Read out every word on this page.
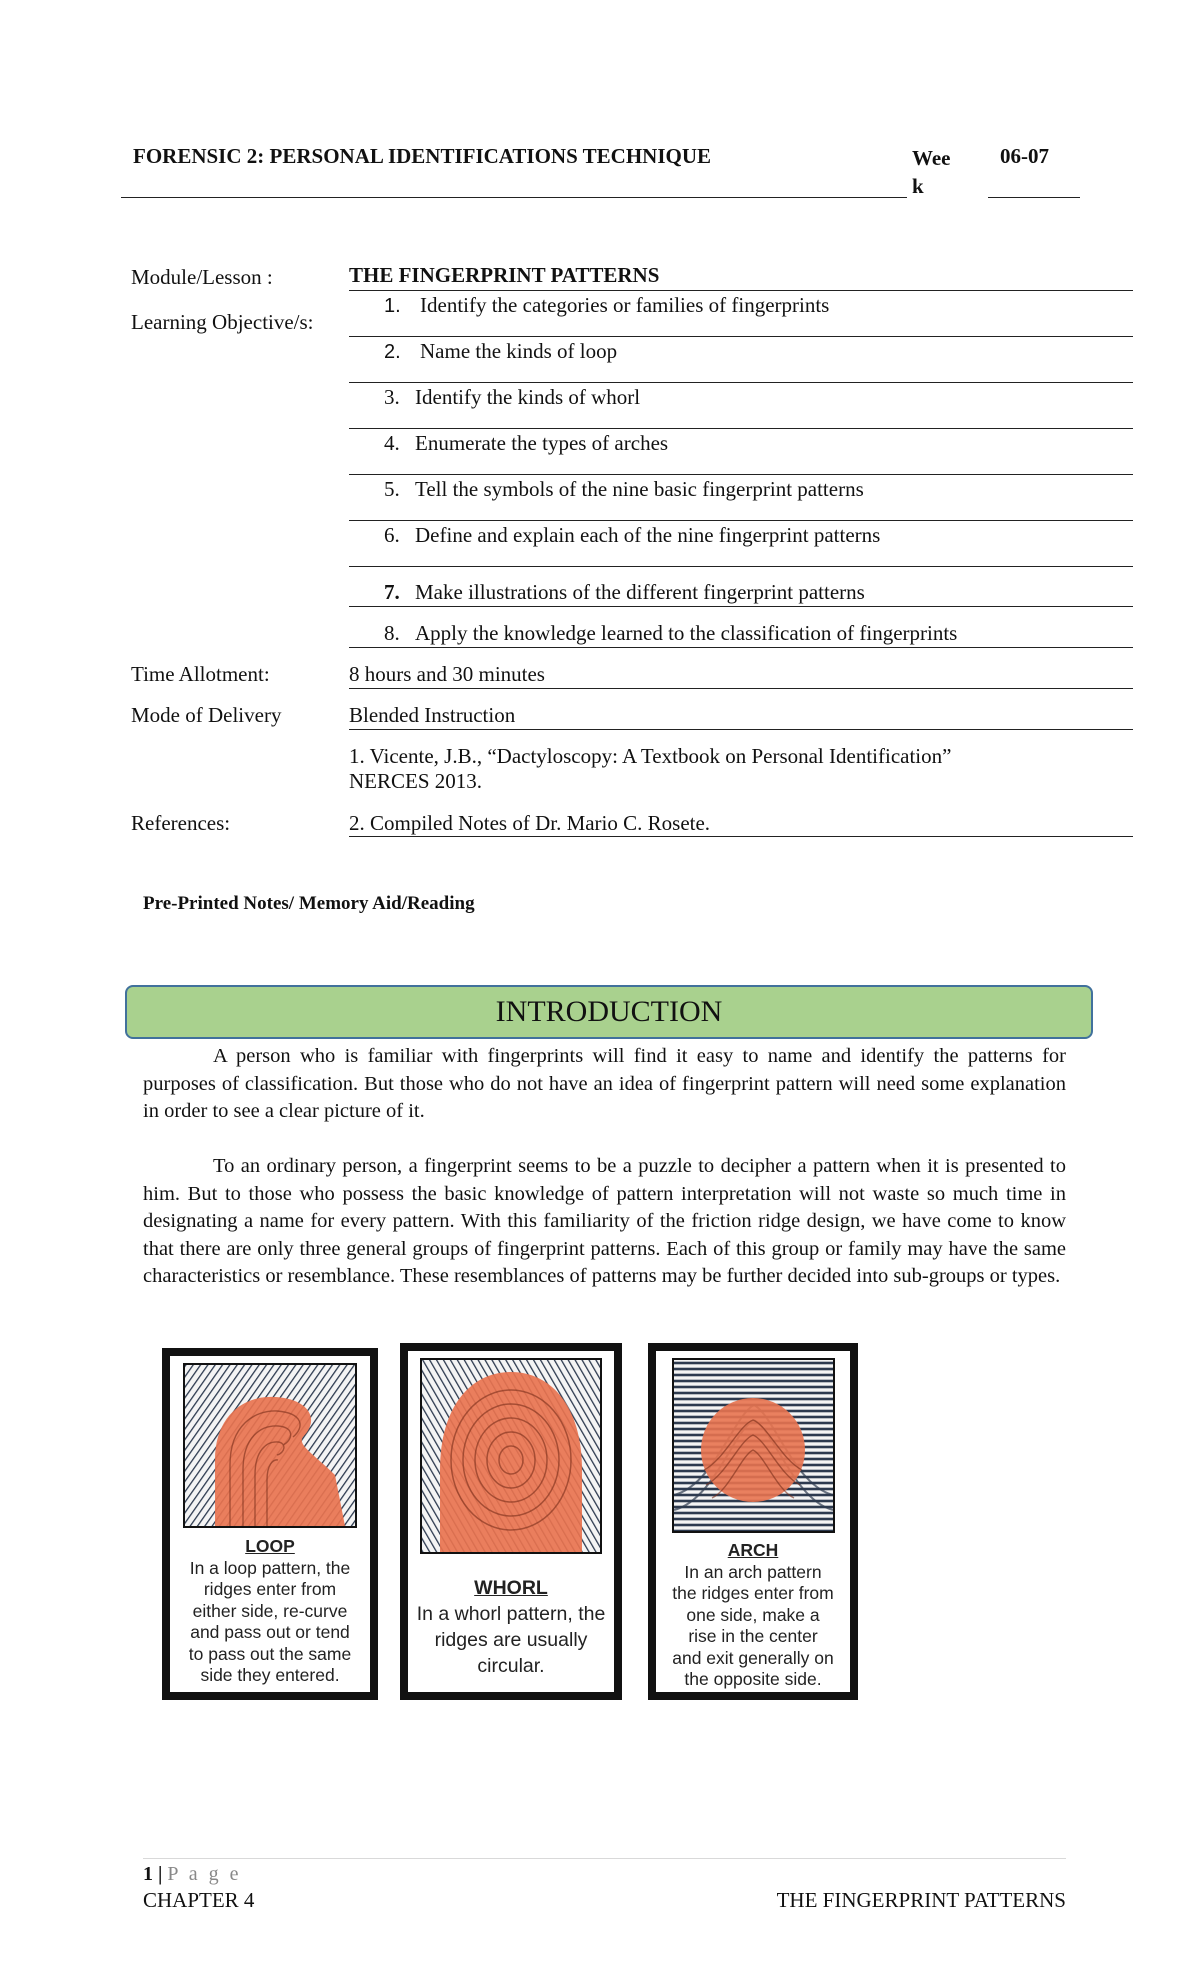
FORENSIC 2: PERSONAL IDENTIFICATIONS TECHNIQUE	Wee
k
06-07
Module/Lesson :	THE FINGERPRINT PATTERNS
Learning Objective/s:
1. Identify the categories or families of fingerprints
2. Name the kinds of loop
3. Identify the kinds of whorl
4. Enumerate the types of arches
5. Tell the symbols of the nine basic fingerprint patterns
6. Define and explain each of the nine fingerprint patterns
7. Make illustrations of the different fingerprint patterns
8. Apply the knowledge learned to the classification of fingerprints
Time Allotment:	8 hours and 30 minutes
Mode of Delivery	Blended Instruction
1. Vicente, J.B., “Dactyloscopy: A Textbook on Personal Identification”
NERCES 2013.
References:	2. Compiled Notes of Dr. Mario C. Rosete.
Pre-Printed Notes/ Memory Aid/Reading
INTRODUCTION
A person who is familiar with fingerprints will find it easy to name and identify the patterns for purposes of classification. But those who do not have an idea of fingerprint pattern will need some explanation in order to see a clear picture of it.
To an ordinary person, a fingerprint seems to be a puzzle to decipher a pattern when it is presented to him. But to those who possess the basic knowledge of pattern interpretation will not waste so much time in designating a name for every pattern. With this familiarity of the friction ridge design, we have come to know that there are only three general groups of fingerprint patterns. Each of this group or family may have the same characteristics or resemblance. These resemblances of patterns may be further decided into sub-groups or types.
LOOP
In a loop pattern, the
ridges enter from
either side, re-curve
and pass out or tend
to pass out the same
side they entered.
WHORL
In a whorl pattern, the
ridges are usually
circular.
ARCH
In an arch pattern
the ridges enter from
one side, make a
rise in the center
and exit generally on
the opposite side.
1 | P a g e
CHAPTER 4	THE FINGERPRINT PATTERNS
